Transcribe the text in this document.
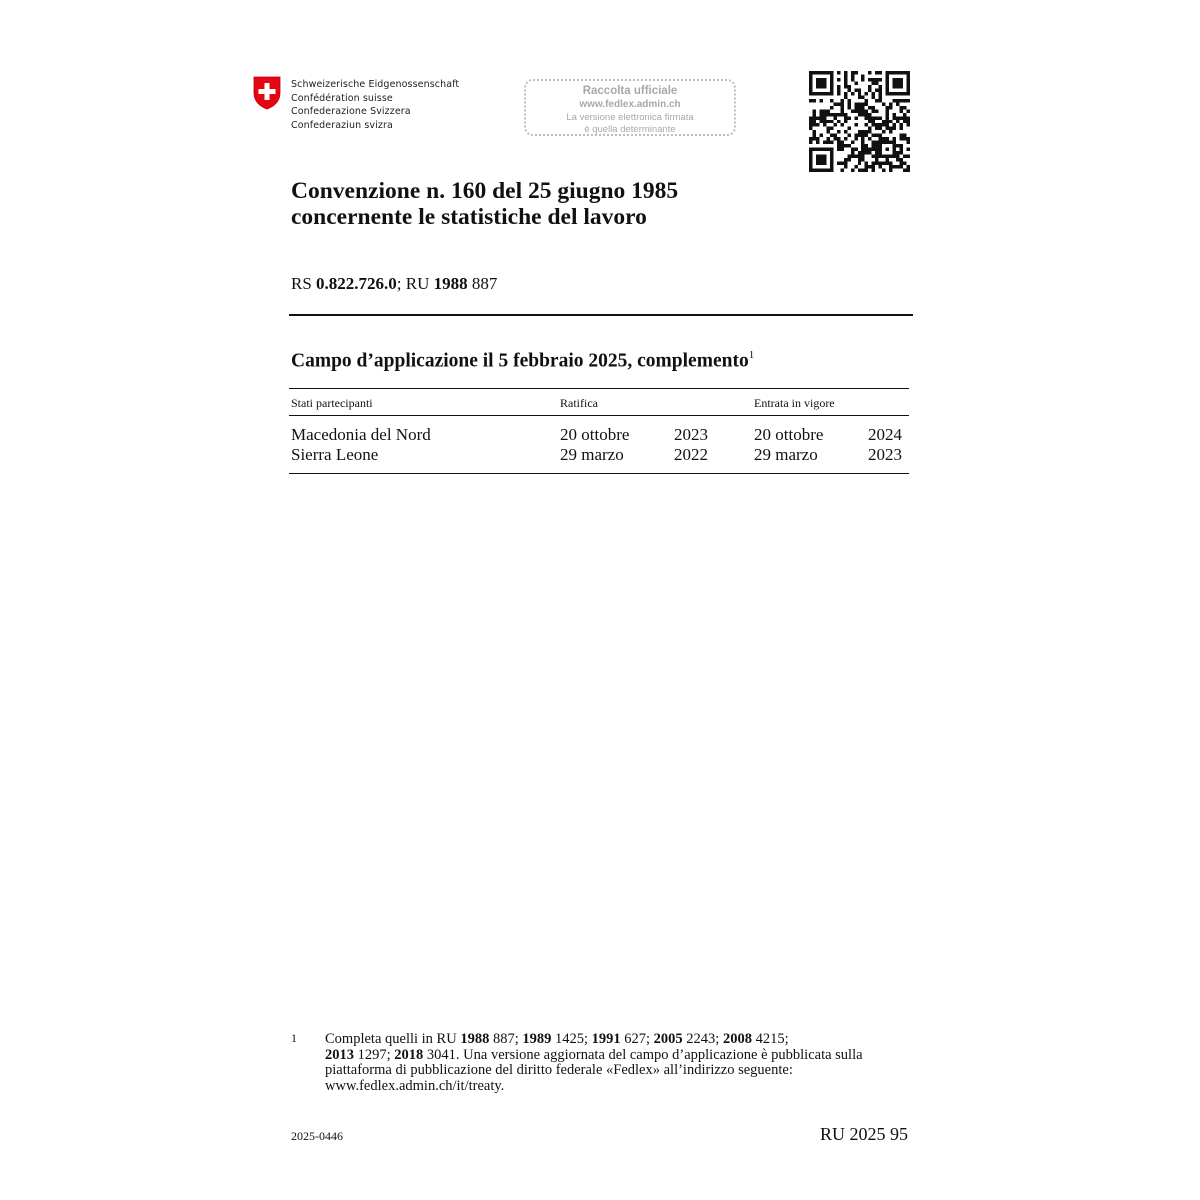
Schweizerische Eidgenossenschaft
Confédération suisse
Confederazione Svizzera
Confederaziun svizra
Raccolta ufficiale
www.fedlex.admin.ch
La versione elettronica firmata
è quella determinante
Convenzione n. 160 del 25 giugno 1985
concernente le statistiche del lavoro
RS 0.822.726.0; RU 1988 887
Campo d’applicazione il 5 febbraio 2025, complemento$^1$
Stati partecipanti	Ratifica	Entrata in vigore
Macedonia del Nord	20 ottobre	2023	20 ottobre	2024
Sierra Leone	29 marzo	2022	29 marzo	2023
1 Completa quelli in RU 1988 887; 1989 1425; 1991 627; 2005 2243; 2008 4215;
2013 1297; 2018 3041. Una versione aggiornata del campo d’applicazione è pubblicata sulla piattaforma di pubblicazione del diritto federale «Fedlex» all’indirizzo seguente: www.fedlex.admin.ch/it/treaty.
2025-0446	RU 2025 95
